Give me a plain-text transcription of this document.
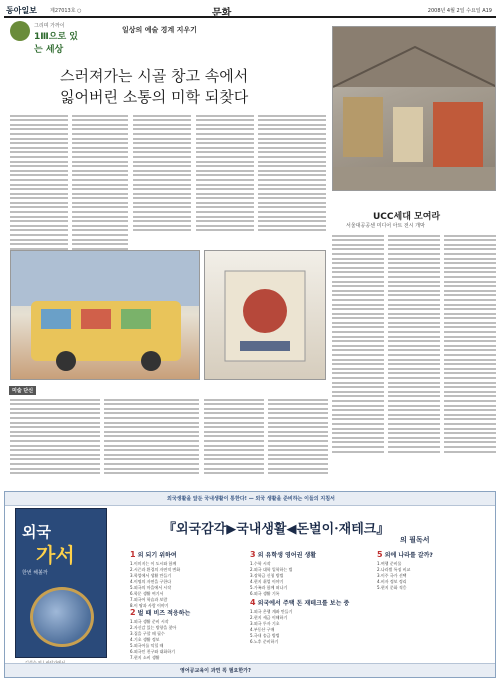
동아일보	제27013호 ○	문화	2008년 4월 2일 수요일 A19
그리며 가까이
1Ⅲ으로 있는 세상
일상의 예술 경계 지우기
스러져가는 시골 창고 속에서
잃어버린 소통의 미학 되찾다
UCC세대 모여라
서울대공공센 미디어 아트 전시 개막
미술 단신
외국생활을 앞둔 국내생활이 통한다! — 외국 생활을 준비하는 이들의 지침서
외국
가서
한번 해볼까
『외국감각▶국내생활◀돈벌이·재테크』
의 필독서
1 외 되기 위하여
1.이미지는 이 도시와 함께
2.시즌과 환경의 자연적 변화
3.학업에서 생활 만들기
4.이명의 자연을 구한다
5.외국의 마을에서 시작
6.학문 생활 여기서
7.외국어 학습과 보람
8.이 땅과 사람 이야기
2 벌 때 비즈 적응하는
1.외국 생활 준비 시작
2.자신감 있는 방향을 찾아
3.집을 구할 때 필수
4.기초 생활 정보
5.외국어를 익힐 때
6.외국인 친구와 대화하기
7.현지 소비 생활
3 외 유학생 영어권 생활
1.수학 시작
2.외국 대학 입학하는 법
3.장학금 신청 방법
4.현지 취업 이야기
5.가족과 함께 떠나기
6.외국 생활 기록
4 외국에서 주택 돈 재테크를 보는 중
1.외국 은행 계좌 만들기
2.현지 세금 이해하기
3.외국 투자 기초
4.부동산 구매
5.국내 송금 방법
6.노후 준비하기
5 외에 나라를 갈까?
1.여행 준비물
2.나라별 특징 비교
3.이주 국가 선택
4.비자 정보 정리
5.현지 문화 적응
영어공교육이 과연 꼭 필요한가?
